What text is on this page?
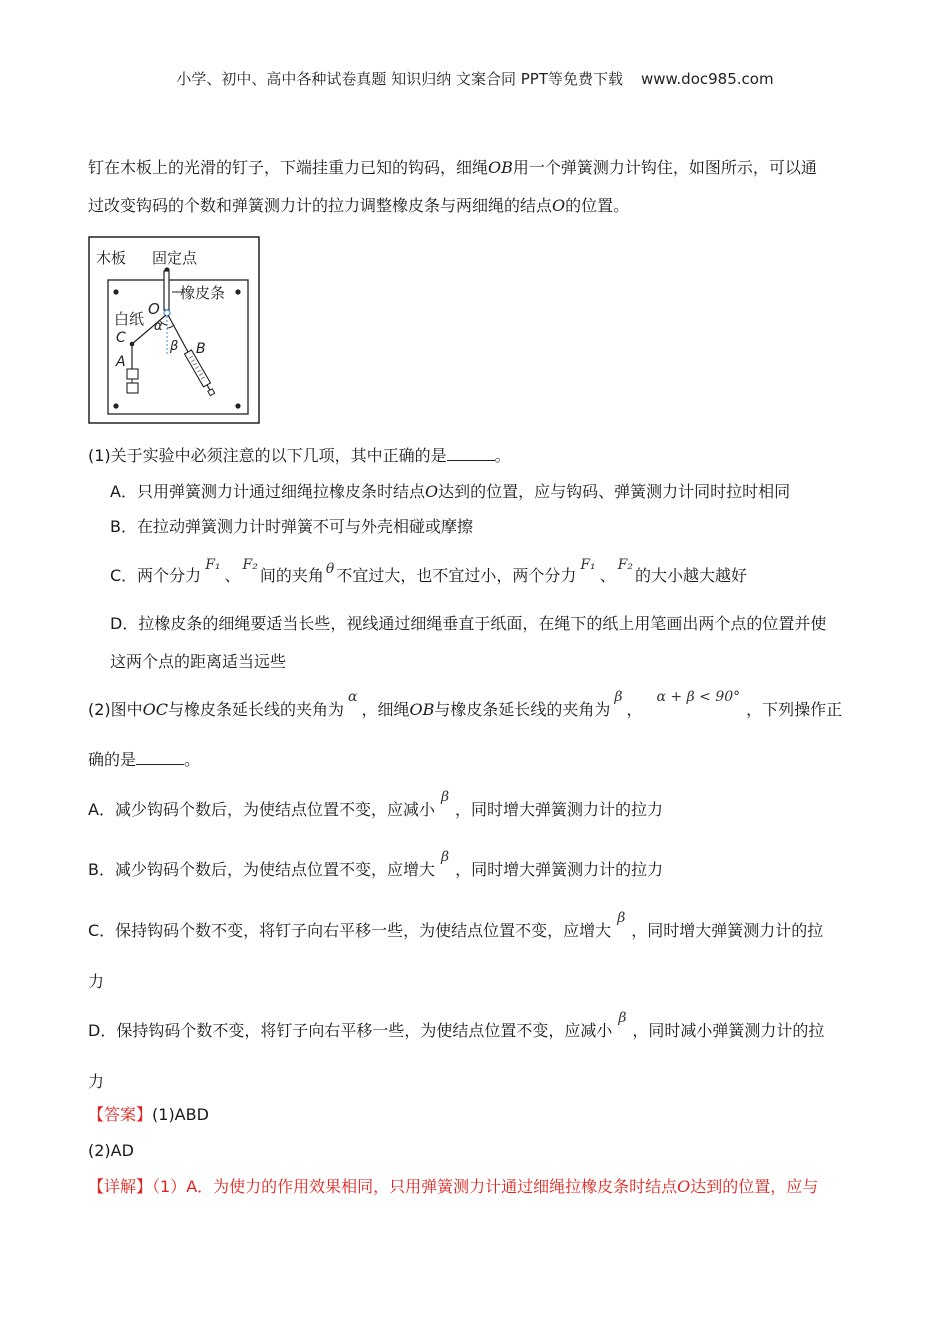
小学、初中、高中各种试卷真题 知识归纳 文案合同 PPT等免费下载 www.doc985.com
钉在木板上的光滑的钉子，下端挂重力已知的钩码，细绳OB用一个弹簧测力计钩住，如图所示，可以通
过改变钩码的个数和弹簧测力计的拉力调整橡皮条与两细绳的结点O的位置。
木板 固定点
橡皮条
O
白纸
C
A
α
β B
(1)关于实验中必须注意的以下几项，其中正确的是	。
A．只用弹簧测力计通过细绳拉橡皮条时结点O达到的位置，应与钩码、弹簧测力计同时拉时相同
B．在拉动弹簧测力计时弹簧不可与外壳相碰或摩擦
C．两个分力F₁、F₂间的夹角 θ 不宜过大，也不宜过小，两个分力F₁、F₂的大小越大越好
D．拉橡皮条的细绳要适当长些，视线通过细绳垂直于纸面，在绳下的纸上用笔画出两个点的位置并使
这两个点的距离适当远些
(2)图中OC与橡皮条延长线的夹角为α，细绳OB与橡皮条延长线的夹角为β，α + β < 90°，下列操作正
确的是	。
A．减少钩码个数后，为使结点位置不变，应减小β，同时增大弹簧测力计的拉力
B．减少钩码个数后，为使结点位置不变，应增大β，同时增大弹簧测力计的拉力
C．保持钩码个数不变，将钉子向右平移一些，为使结点位置不变，应增大β，同时增大弹簧测力计的拉
力
D．保持钩码个数不变，将钉子向右平移一些，为使结点位置不变，应减小β，同时减小弹簧测力计的拉
力
【答案】(1)ABD
(2)AD
【详解】（1）A．为使力的作用效果相同，只用弹簧测力计通过细绳拉橡皮条时结点O达到的位置，应与
